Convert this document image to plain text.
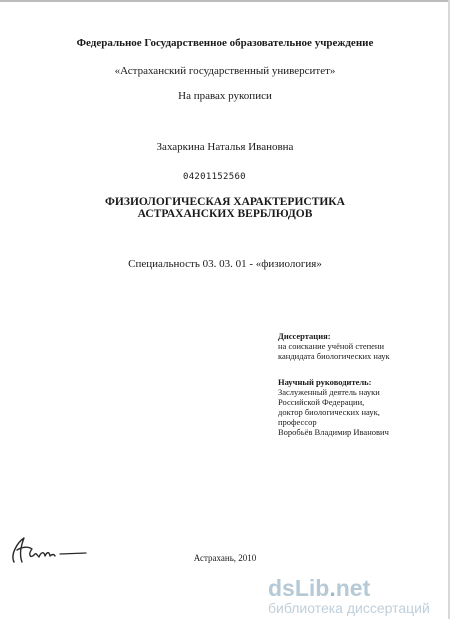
Федеральное Государственное образовательное учреждение
«Астраханский государственный университет»
На правах рукописи
Захаркина Наталья Ивановна
04201152560
ФИЗИОЛОГИЧЕСКАЯ ХАРАКТЕРИСТИКА
АСТРАХАНСКИХ ВЕРБЛЮДОВ
Специальность 03. 03. 01 - «физиология»
Диссертация:
на соискание учёной степени
кандидата биологических наук
Научный руководитель:
Заслуженный деятель науки
Российской Федерации,
доктор биологических наук,
профессор
Воробьёв Владимир Иванович
Астрахань, 2010
dsLib.net
библиотека диссертаций
